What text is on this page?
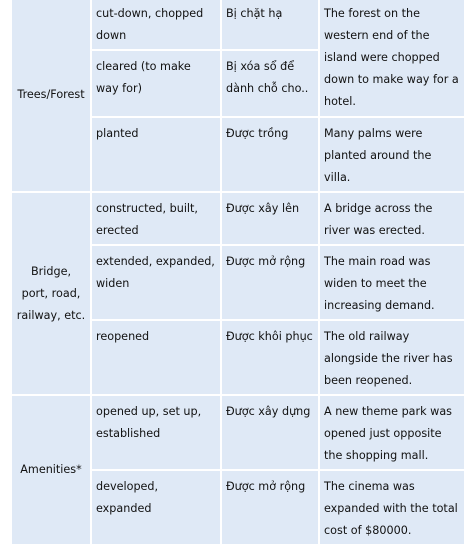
Trees/Forest	cut-down, chopped down	Bị chặt hạ	The forest on the western end of the island were chopped down to make way for a hotel.
	cleared (to make way for)	Bị xóa sổ để dành chỗ cho..	
	planted	Được trồng	Many palms were planted around the villa.
Bridge, port, road, railway, etc.	constructed, built, erected	Được xây lên	A bridge across the river was erected.
	extended, expanded, widen	Được mở rộng	The main road was widen to meet the increasing demand.
	reopened	Được khôi phục	The old railway alongside the river has been reopened.
Amenities*	opened up, set up, established	Được xây dựng	A new theme park was opened just opposite the shopping mall.
	developed, expanded	Được mở rộng	The cinema was expanded with the total cost of $80000.
